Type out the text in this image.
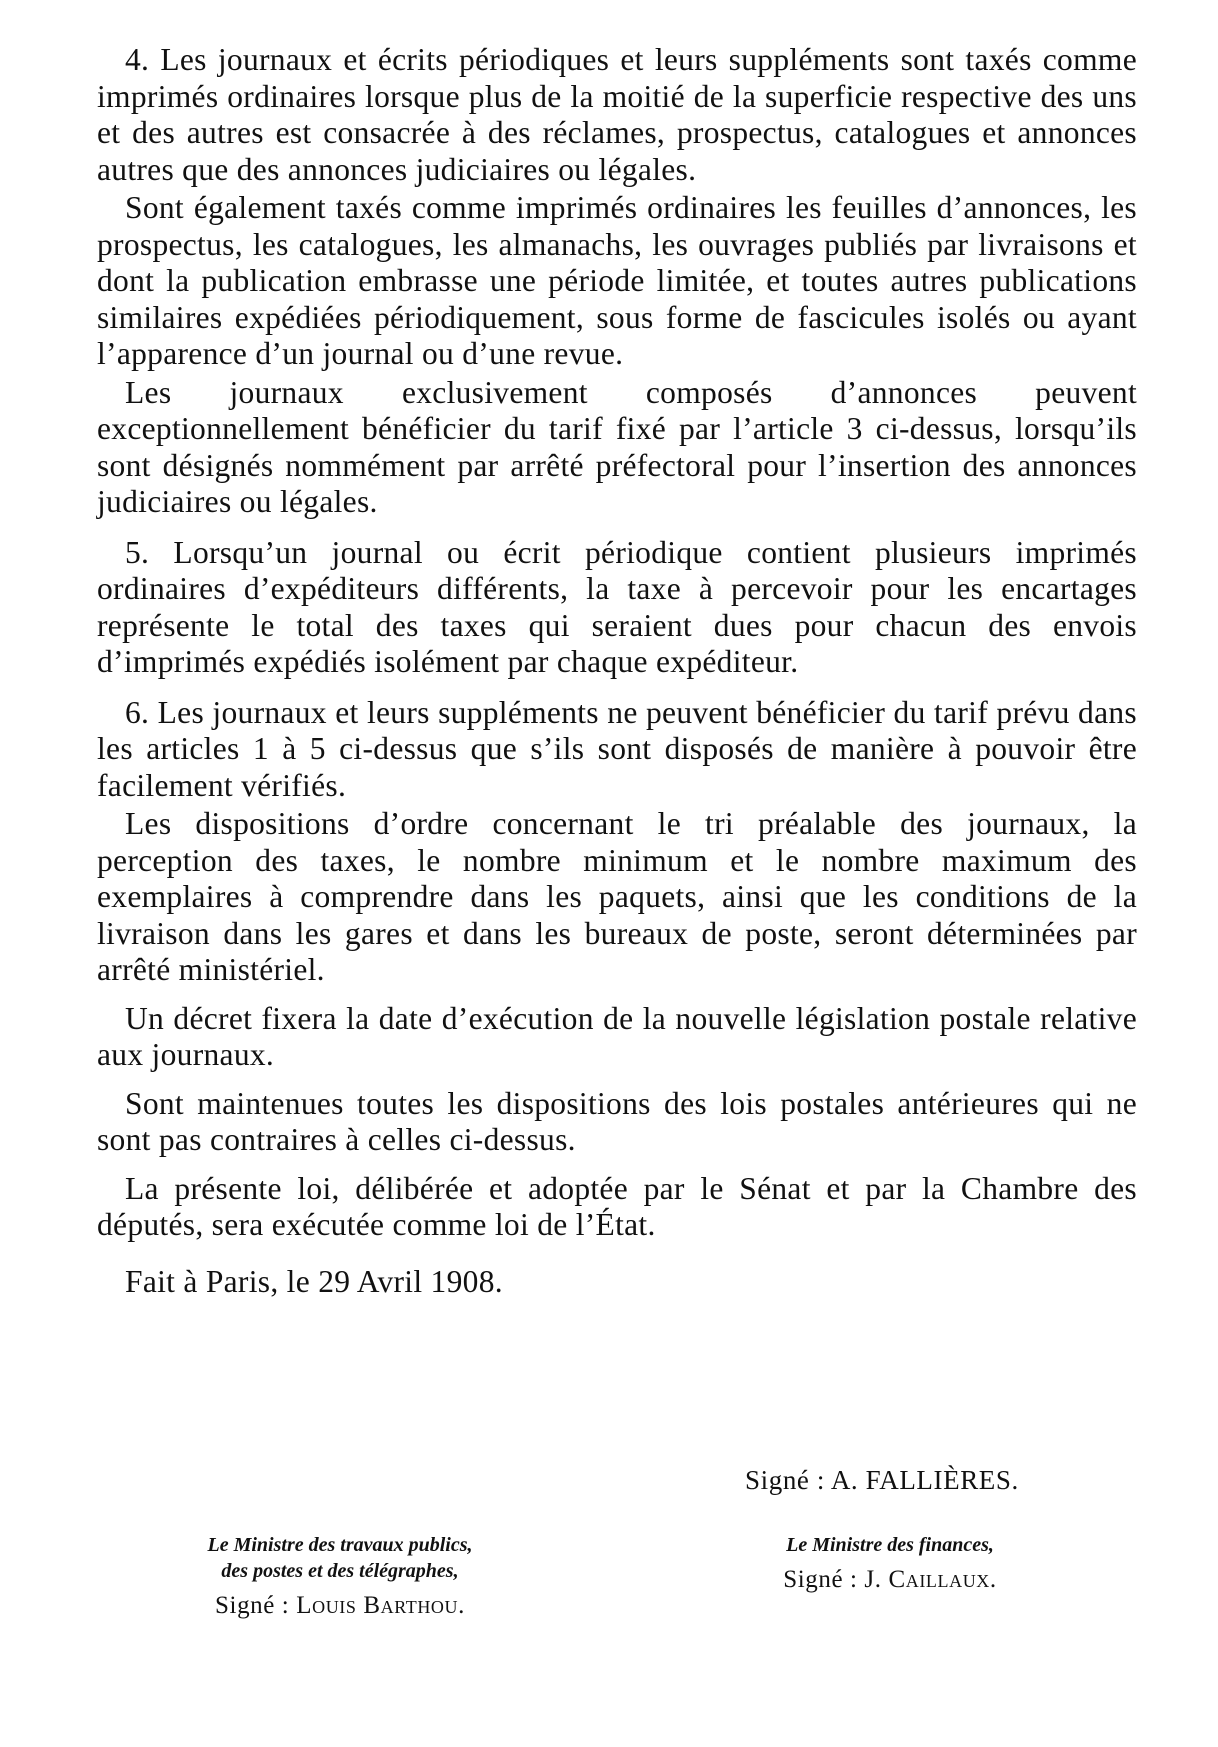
4. Les journaux et écrits périodiques et leurs suppléments sont taxés comme imprimés ordinaires lorsque plus de la moitié de la superficie respective des uns et des autres est consacrée à des réclames, prospectus, catalogues et annonces autres que des annonces judiciaires ou légales.

Sont également taxés comme imprimés ordinaires les feuilles d’annonces, les prospectus, les catalogues, les almanachs, les ouvrages publiés par livraisons et dont la publication embrasse une période limitée, et toutes autres publications similaires expédiées périodiquement, sous forme de fascicules isolés ou ayant l’apparence d’un journal ou d’une revue.

Les journaux exclusivement composés d’annonces peuvent exceptionnellement bénéficier du tarif fixé par l’article 3 ci-dessus, lorsqu’ils sont désignés nommément par arrêté préfectoral pour l’insertion des annonces judiciaires ou légales.

5. Lorsqu’un journal ou écrit périodique contient plusieurs imprimés ordinaires d’expéditeurs différents, la taxe à percevoir pour les encartages représente le total des taxes qui seraient dues pour chacun des envois d’imprimés expédiés isolément par chaque expéditeur.

6. Les journaux et leurs suppléments ne peuvent bénéficier du tarif prévu dans les articles 1 à 5 ci-dessus que s’ils sont disposés de manière à pouvoir être facilement vérifiés.

Les dispositions d’ordre concernant le tri préalable des journaux, la perception des taxes, le nombre minimum et le nombre maximum des exemplaires à comprendre dans les paquets, ainsi que les conditions de la livraison dans les gares et dans les bureaux de poste, seront déterminées par arrêté ministériel.

Un décret fixera la date d’exécution de la nouvelle législation postale relative aux journaux.

Sont maintenues toutes les dispositions des lois postales antérieures qui ne sont pas contraires à celles ci-dessus.

La présente loi, délibérée et adoptée par le Sénat et par la Chambre des députés, sera exécutée comme loi de l’État.

Fait à Paris, le 29 Avril 1908.

Signé : A. FALLIÈRES.
Le Ministre des travaux publics,
des postes et des télégraphes,
Signé : Louis Barthou.
Le Ministre des finances,
Signé : J. Caillaux.
